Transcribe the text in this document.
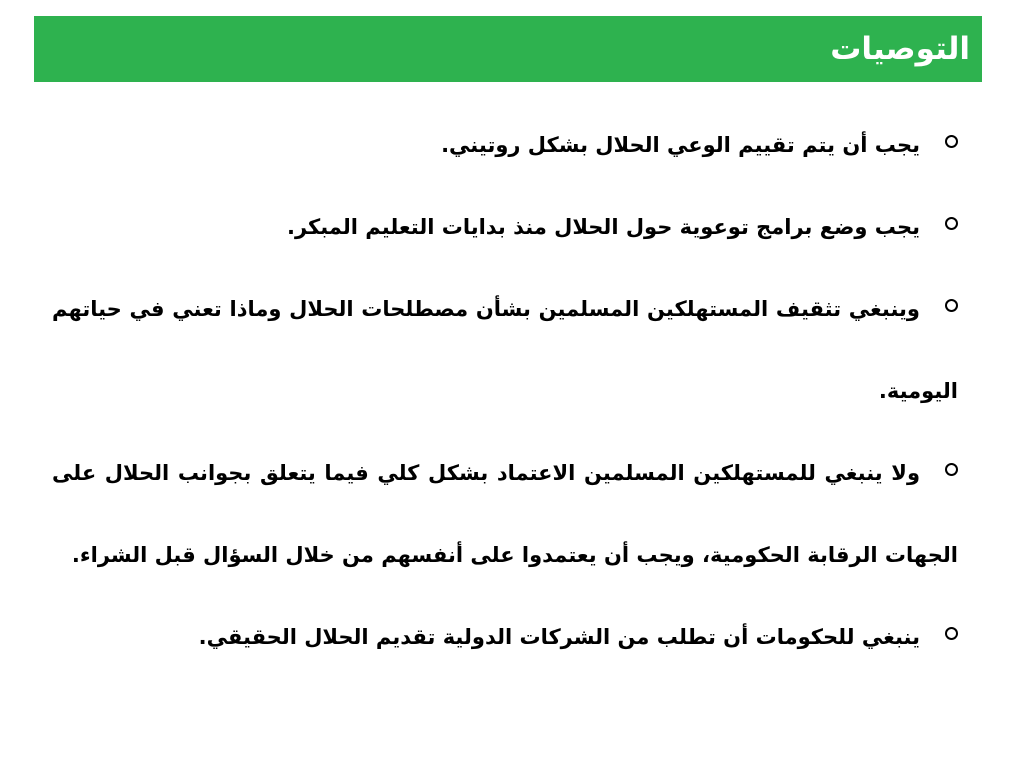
التوصيات
يجب أن يتم تقييم الوعي الحلال بشكل روتيني.
يجب وضع برامج توعوية حول الحلال منذ بدايات التعليم المبكر.
وينبغي تثقيف المستهلكين المسلمين بشأن مصطلحات الحلال وماذا تعني في حياتهم اليومية.
ولا ينبغي للمستهلكين المسلمين الاعتماد بشكل كلي فيما يتعلق بجوانب الحلال على الجهات الرقابة الحكومية، ويجب أن يعتمدوا على أنفسهم من خلال السؤال قبل الشراء.
ينبغي للحكومات أن تطلب من الشركات الدولية تقديم الحلال الحقيقي.
